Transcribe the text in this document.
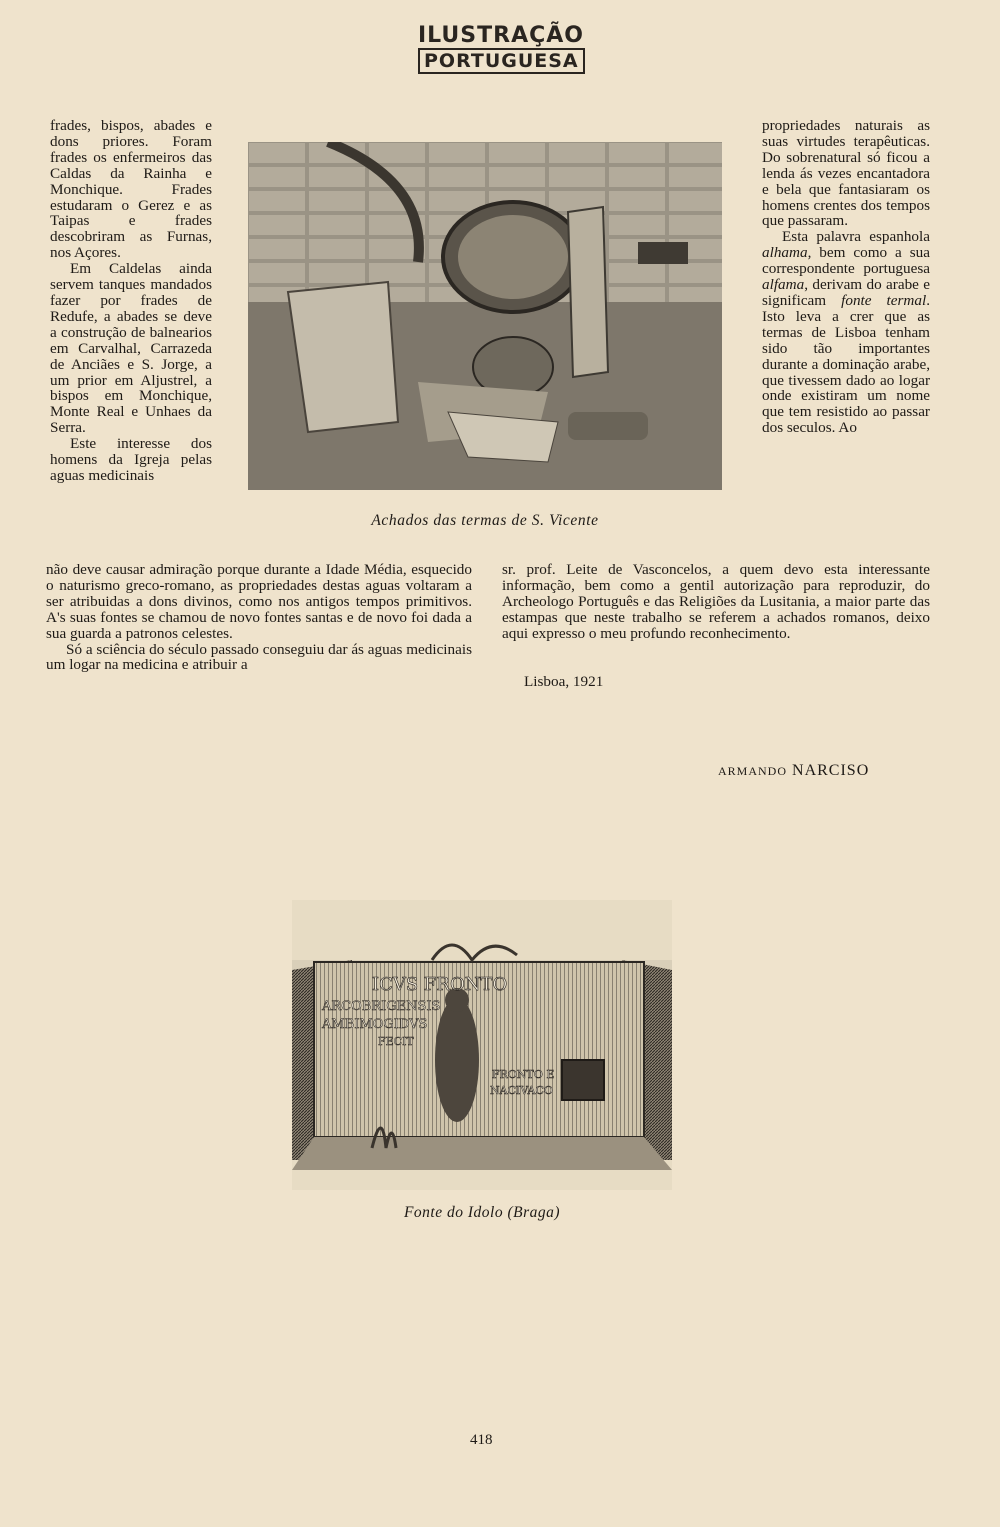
ILUSTRAÇÃO
PORTUGUESA

frades, bispos, abades e dons priores. Foram frades os enfermeiros das Caldas da Rainha e Monchique. Frades estudaram o Gerez e as Taipas e frades descobriram as Furnas, nos Açores.

Em Caldelas ainda servem tanques mandados fazer por frades de Redufe, a abades se deve a construção de balnearios em Carvalhal, Carrazeda de Anciães e S. Jorge, a um prior em Aljustrel, a bispos em Monchique, Monte Real e Unhaes da Serra.

Este interesse dos homens da Igreja pelas aguas medicinais

Achados das termas de S. Vicente

propriedades naturais as suas virtudes terapêuticas. Do sobrenatural só ficou a lenda ás vezes encantadora e bela que fantasiaram os homens crentes dos tempos que passaram.

Esta palavra espanhola alhama, bem como a sua correspondente portuguesa alfama, derivam do arabe e significam fonte termal. Isto leva a crer que as termas de Lisboa tenham sido tão importantes durante a dominação arabe, que tivessem dado ao logar onde existiram um nome que tem resistido ao passar dos seculos. Ao

não deve causar admiração porque durante a Idade Média, esquecido o naturismo greco-romano, as propriedades destas aguas voltaram a ser atribuidas a dons divinos, como nos antigos tempos primitivos. A's suas fontes se chamou de novo fontes santas e de novo foi dada a sua guarda a patronos celestes.

Só a sciência do século passado conseguiu dar ás aguas medicinais um logar na medicina e atribuir a

sr. prof. Leite de Vasconcelos, a quem devo esta interessante informação, bem como a gentil autorização para reproduzir, do Archeologo Português e das Religiões da Lusitania, a maior parte das estampas que neste trabalho se referem a achados romanos, deixo aqui expresso o meu profundo reconhecimento.

Lisboa, 1921
ARMANDO NARCISO
ICVS FRONTO
ARCOBRIGENSIS
AMBIMOGIDVS
FECIT
FRONTO E
NACIVACO
Fonte do Idolo (Braga)
418
